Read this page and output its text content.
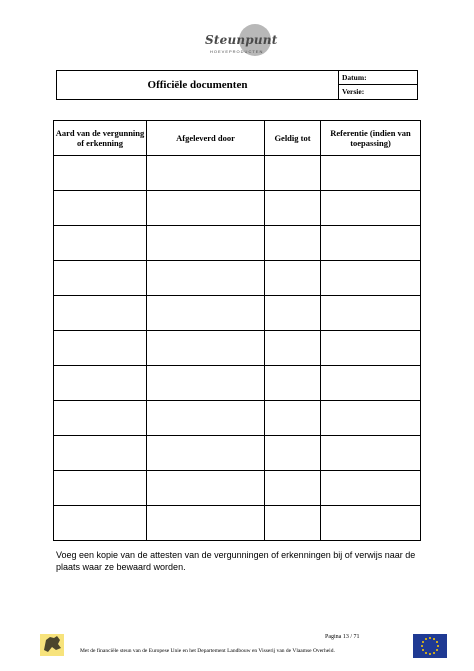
Steunpunt
HOEVEPRODUCTEN
Officiële documenten
Datum:
Versie:
Aard van de vergunning of erkenning	Afgeleverd door	Geldig tot	Referentie (indien van toepassing)

Voeg een kopie van de attesten van de vergunningen of erkenningen bij of verwijs naar de plaats waar ze bewaard worden.
Pagina 13 / 71
Met de financiële steun van de Europese Unie en het Departement Landbouw en Visserij van de Vlaamse Overheid.
